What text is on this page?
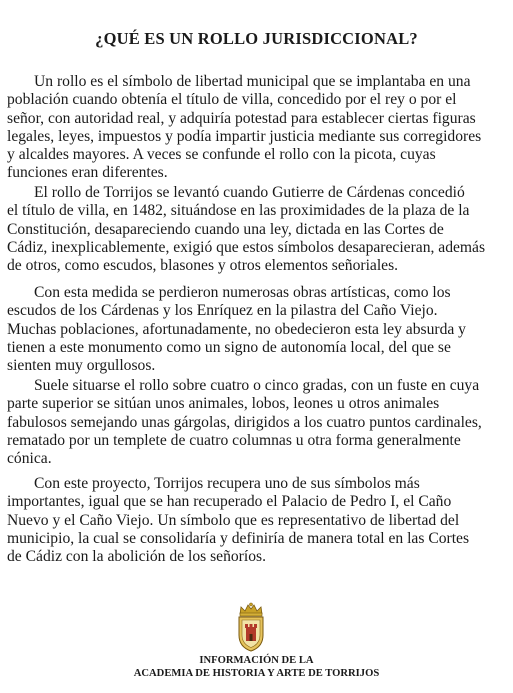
¿QUÉ ES UN ROLLO JURISDICCIONAL?
Un rollo es el símbolo de libertad municipal que se implantaba en una
población cuando obtenía el título de villa, concedido por el rey o por el
señor, con autoridad real, y adquiría potestad para establecer ciertas figuras
legales, leyes, impuestos y podía impartir justicia mediante sus corregidores
y alcaldes mayores. A veces se confunde el rollo con la picota, cuyas
funciones eran diferentes.
El rollo de Torrijos se levantó cuando Gutierre de Cárdenas concedió
el título de villa, en 1482, situándose en las proximidades de la plaza de la
Constitución, desapareciendo cuando una ley, dictada en las Cortes de
Cádiz, inexplicablemente, exigió que estos símbolos desaparecieran, además
de otros, como escudos, blasones y otros elementos señoriales.
Con esta medida se perdieron numerosas obras artísticas, como los
escudos de los Cárdenas y los Enríquez en la pilastra del Caño Viejo.
Muchas poblaciones, afortunadamente, no obedecieron esta ley absurda y
tienen a este monumento como un signo de autonomía local, del que se
sienten muy orgullosos.
Suele situarse el rollo sobre cuatro o cinco gradas, con un fuste en cuya
parte superior se sitúan unos animales, lobos, leones u otros animales
fabulosos semejando unas gárgolas, dirigidos a los cuatro puntos cardinales,
rematado por un templete de cuatro columnas u otra forma generalmente
cónica.
Con este proyecto, Torrijos recupera uno de sus símbolos más
importantes, igual que se han recuperado el Palacio de Pedro I, el Caño
Nuevo y el Caño Viejo. Un símbolo que es representativo de libertad del
municipio, la cual se consolidaría y definiría de manera total en las Cortes
de Cádiz con la abolición de los señoríos.
INFORMACIÓN DE LA
ACADEMIA DE HISTORIA Y ARTE DE TORRIJOS
